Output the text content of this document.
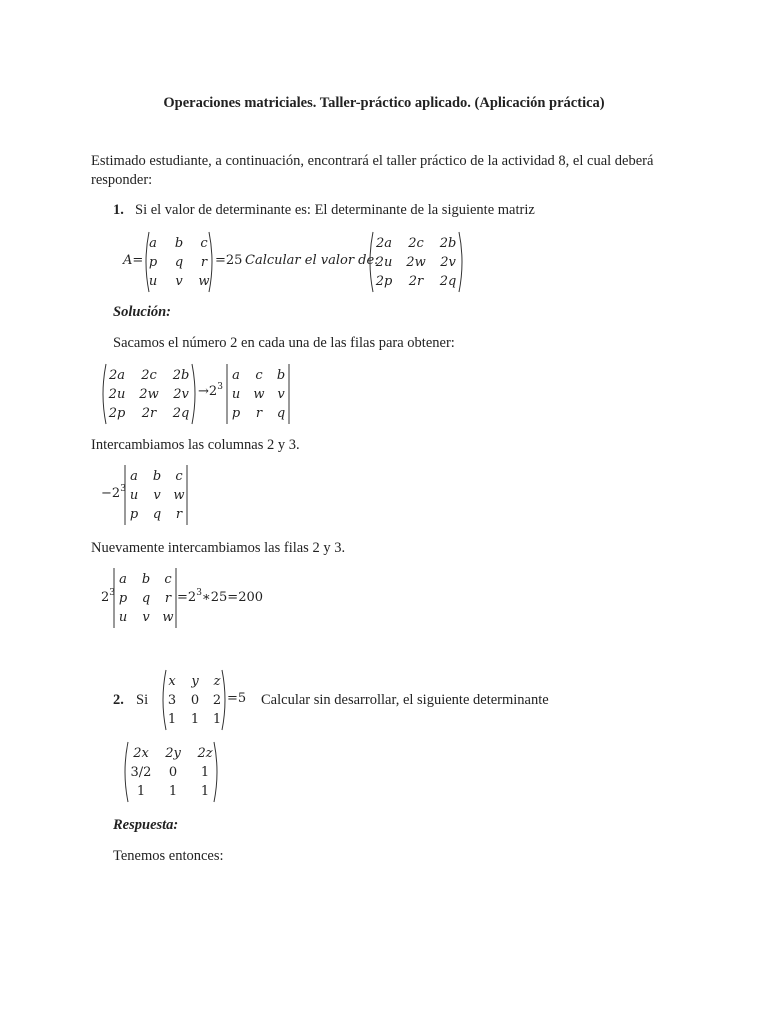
Operaciones matriciales. Taller-práctico aplicado. (Aplicación práctica)
Estimado estudiante, a continuación, encontrará el taller práctico de la actividad 8, el cual deberá
responder:
1. Si el valor de determinante es: El determinante de la siguiente matriz
A=
a b c
p q r
u v w
=25 Calcular el valor de:
2a 2c 2b
2u 2w 2v
2p 2r 2q
Solución:
Sacamos el número 2 en cada una de las filas para obtener:
2a 2c 2b
2u 2w 2v
2p 2r 2q
$\to 2^3$
a c b
u w v
p r q
Intercambiamos las columnas 2 y 3.
$-2^3$
a b c
u v w
p q r
Nuevamente intercambiamos las filas 2 y 3.
$2^3$
a b c
p q r
u v w
$=2^3∗25=200$
2. Si
x y z
3 0 2
1 1 1
=5 Calcular sin desarrollar, el siguiente determinante
2x 2y 2z
3/2 0 1
1 1 1
Respuesta:
Tenemos entonces:
